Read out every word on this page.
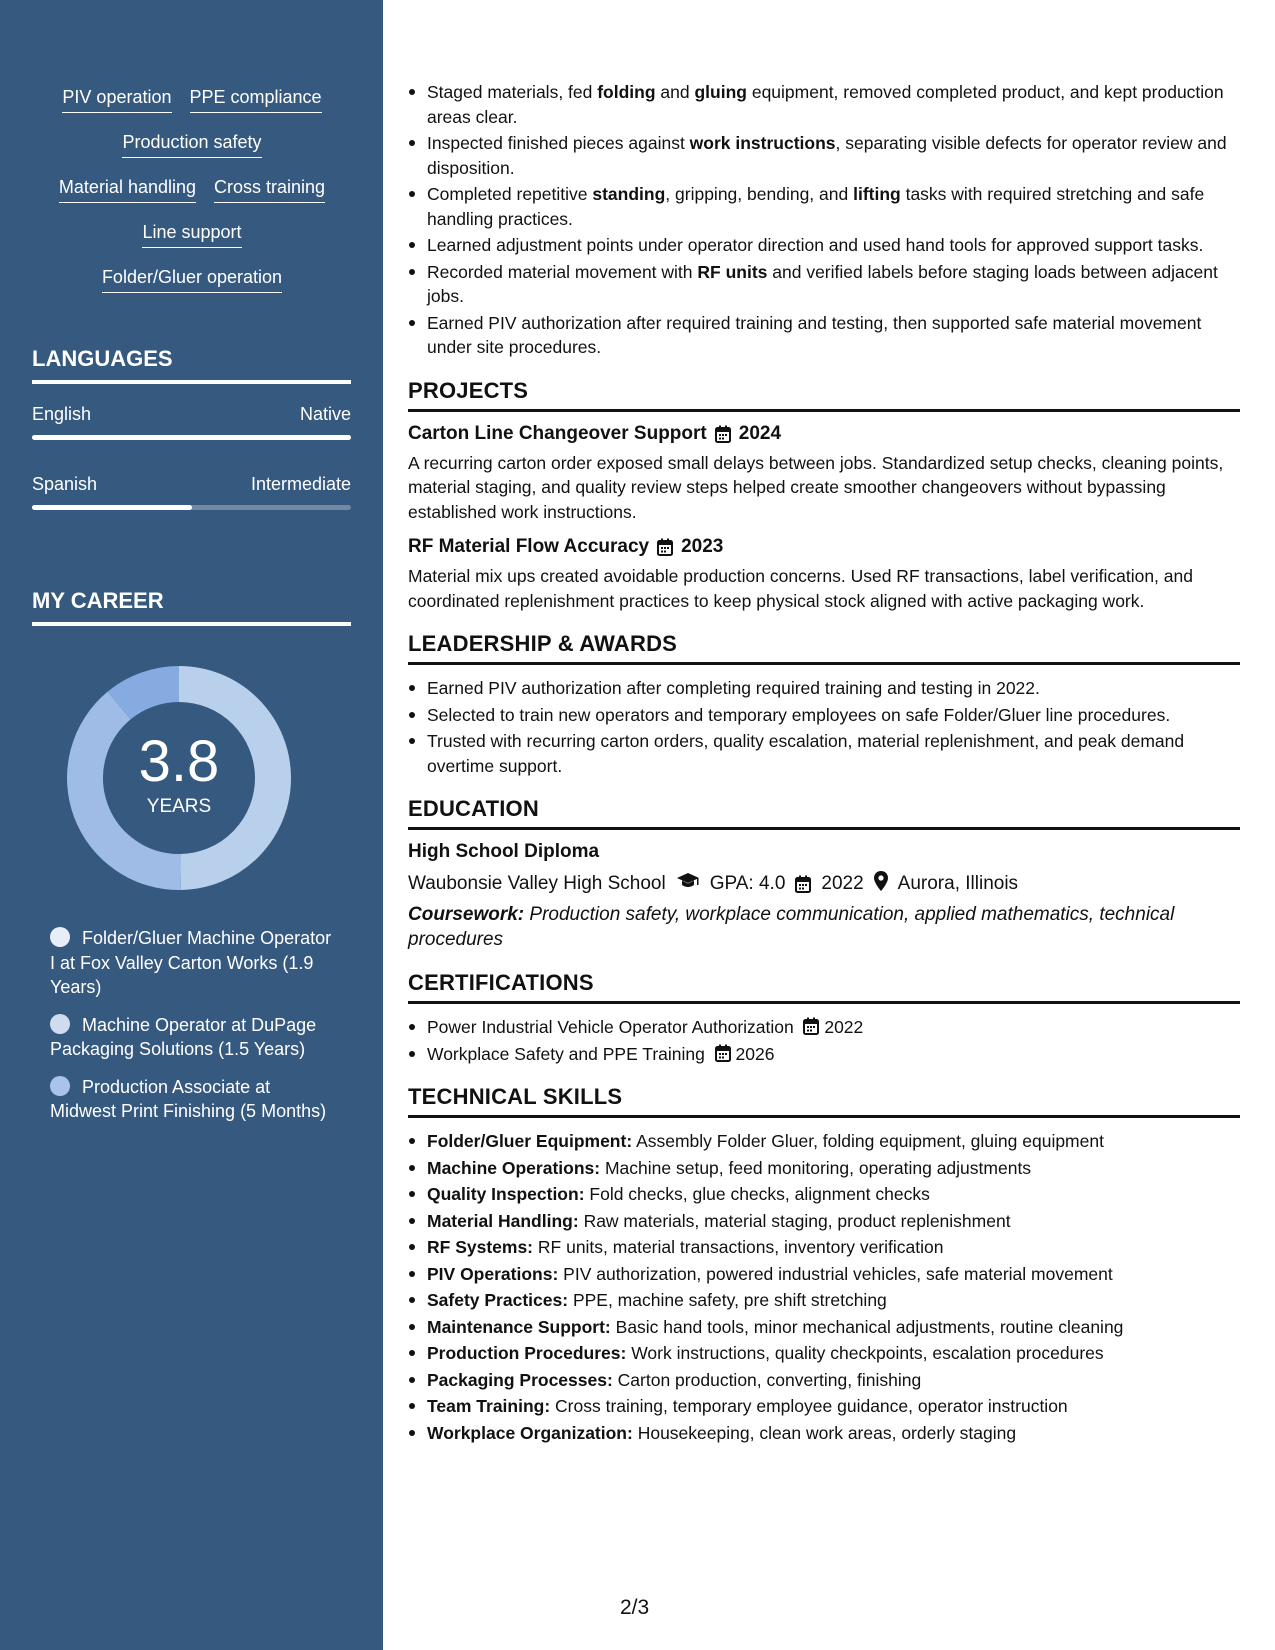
PIV operation PPE compliance
Production safety
Material handling Cross training
Line support
Folder/Gluer operation
LANGUAGES
English	Native
Spanish	Intermediate
MY CAREER
3.8
YEARS
Folder/Gluer Machine Operator I at Fox Valley Carton Works (1.9 Years)
Machine Operator at DuPage Packaging Solutions (1.5 Years)
Production Associate at Midwest Print Finishing (5 Months)
Staged materials, fed folding and gluing equipment, removed completed product, and kept production areas clear.
Inspected finished pieces against work instructions, separating visible defects for operator review and disposition.
Completed repetitive standing, gripping, bending, and lifting tasks with required stretching and safe handling practices.
Learned adjustment points under operator direction and used hand tools for approved support tasks.
Recorded material movement with RF units and verified labels before staging loads between adjacent jobs.
Earned PIV authorization after required training and testing, then supported safe material movement under site procedures.
PROJECTS
Carton Line Changeover Support 2024
A recurring carton order exposed small delays between jobs. Standardized setup checks, cleaning points, material staging, and quality review steps helped create smoother changeovers without bypassing established work instructions.
RF Material Flow Accuracy 2023
Material mix ups created avoidable production concerns. Used RF transactions, label verification, and coordinated replenishment practices to keep physical stock aligned with active packaging work.
LEADERSHIP & AWARDS
Earned PIV authorization after completing required training and testing in 2022.
Selected to train new operators and temporary employees on safe Folder/Gluer line procedures.
Trusted with recurring carton orders, quality escalation, material replenishment, and peak demand overtime support.
EDUCATION
High School Diploma
Waubonsie Valley High School GPA: 4.0 2022 Aurora, Illinois
Coursework: Production safety, workplace communication, applied mathematics, technical procedures
CERTIFICATIONS
Power Industrial Vehicle Operator Authorization 2022
Workplace Safety and PPE Training 2026
TECHNICAL SKILLS
Folder/Gluer Equipment: Assembly Folder Gluer, folding equipment, gluing equipment
Machine Operations: Machine setup, feed monitoring, operating adjustments
Quality Inspection: Fold checks, glue checks, alignment checks
Material Handling: Raw materials, material staging, product replenishment
RF Systems: RF units, material transactions, inventory verification
PIV Operations: PIV authorization, powered industrial vehicles, safe material movement
Safety Practices: PPE, machine safety, pre shift stretching
Maintenance Support: Basic hand tools, minor mechanical adjustments, routine cleaning
Production Procedures: Work instructions, quality checkpoints, escalation procedures
Packaging Processes: Carton production, converting, finishing
Team Training: Cross training, temporary employee guidance, operator instruction
Workplace Organization: Housekeeping, clean work areas, orderly staging
2/3
